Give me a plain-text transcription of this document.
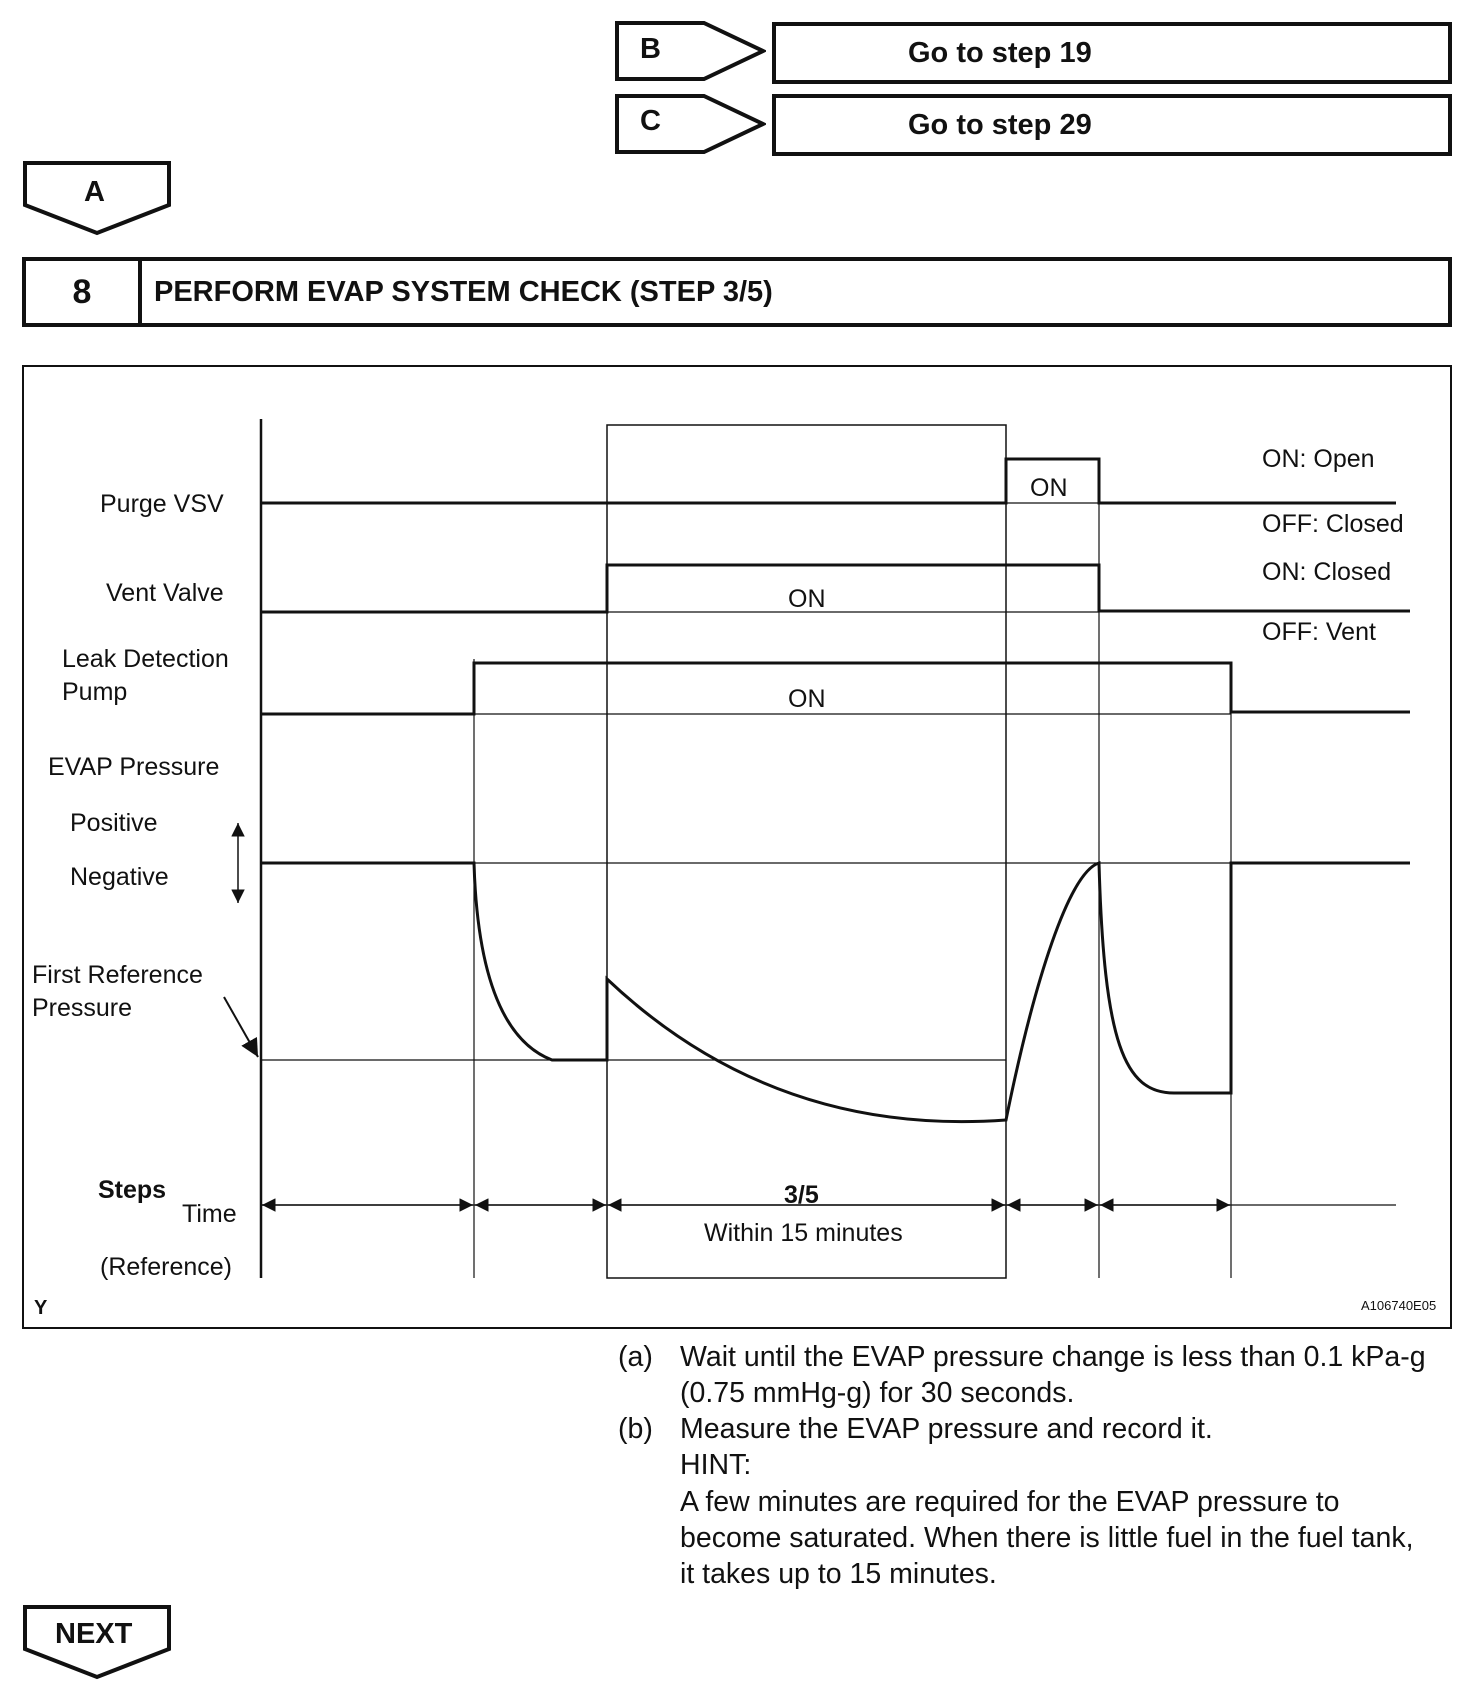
B	Go to step 19
C	Go to step 29
A
8	PERFORM EVAP SYSTEM CHECK (STEP 3/5)
Purge VSV
Vent Valve
Leak Detection
Pump
EVAP Pressure
Positive
Negative
First Reference
Pressure
Steps
Time
(Reference)
ON: Open
OFF: Closed
ON: Closed
OFF: Vent
ON
ON
ON
3/5
Within 15 minutes
Y	A106740E05
(a) Wait until the EVAP pressure change is less than 0.1 kPa-g (0.75 mmHg-g) for 30 seconds.
(b) Measure the EVAP pressure and record it.
HINT:
A few minutes are required for the EVAP pressure to become saturated. When there is little fuel in the fuel tank, it takes up to 15 minutes.
NEXT
